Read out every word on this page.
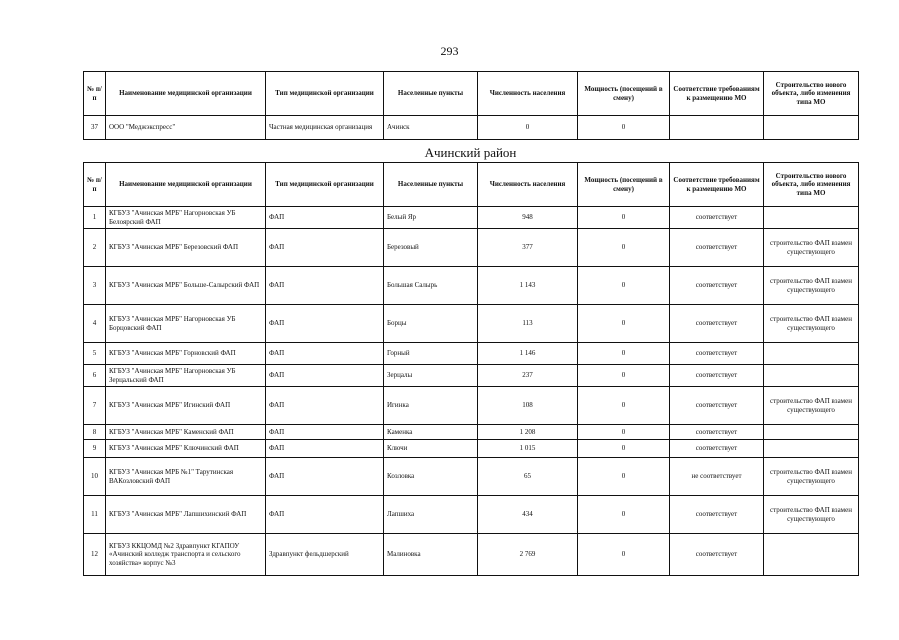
293
№ п/п	Наименование медицинской организации	Тип медицинской организации	Населенные пункты	Численность населения	Мощность (посещений в смену)	Соответствие требованиям к размещению МО	Строительство нового объекта, либо изменения типа МО
37	ООО "Меджэкспресс"	Частная медицинская организация	Ачинск	0	0		
Ачинский район
№ п/п	Наименование медицинской организации	Тип медицинской организации	Населенные пункты	Численность населения	Мощность (посещений в смену)	Соответствие требованиям к размещению МО	Строительство нового объекта, либо изменения типа МО
1	КГБУЗ "Ачинская МРБ" Нагорновская УБ Белоярский ФАП	ФАП	Белый Яр	948	0	соответствует	
2	КГБУЗ "Ачинская МРБ" Березовский ФАП	ФАП	Березовый	377	0	соответствует	строительство ФАП взамен существующего
3	КГБУЗ "Ачинская МРБ" Больше-Салырский ФАП	ФАП	Большая Салырь	1 143	0	соответствует	строительство ФАП взамен существующего
4	КГБУЗ "Ачинская МРБ" Нагорновская УБ Борцовский ФАП	ФАП	Борцы	113	0	соответствует	строительство ФАП взамен существующего
5	КГБУЗ "Ачинская МРБ" Горновский ФАП	ФАП	Горный	1 146	0	соответствует	
6	КГБУЗ "Ачинская МРБ" Нагорновская УБ Зерцальский ФАП	ФАП	Зерцалы	237	0	соответствует	
7	КГБУЗ "Ачинская МРБ" Игинский ФАП	ФАП	Игинка	108	0	соответствует	строительство ФАП взамен существующего
8	КГБУЗ "Ачинская МРБ" Каменский ФАП	ФАП	Каменка	1 208	0	соответствует	
9	КГБУЗ "Ачинская МРБ" Ключинский ФАП	ФАП	Ключи	1 015	0	соответствует	
10	КГБУЗ "Ачинская МРБ №1" Тарутинская ВАКозловский ФАП	ФАП	Козловка	65	0	не соответствует	строительство ФАП взамен существующего
11	КГБУЗ "Ачинская МРБ" Лапшихинский ФАП	ФАП	Лапшиха	434	0	соответствует	строительство ФАП взамен существующего
12	КГБУЗ ККЦОМД №2 Здравпункт КГАПОУ «Ачинский колледж транспорта и сельского хозяйства» корпус №3	Здравпункт фельдшерский	Малиновка	2 769	0	соответствует	
